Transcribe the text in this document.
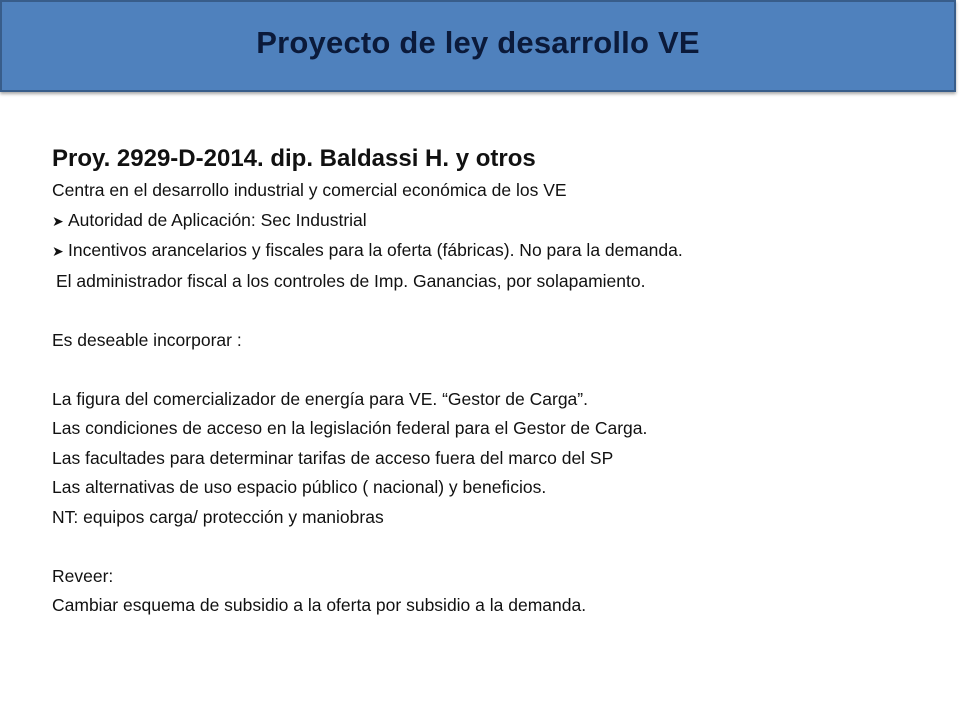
Proyecto de ley desarrollo VE
Proy. 2929-D-2014. dip. Baldassi H. y otros
Centra en el desarrollo industrial y comercial económica de los VE
➤ Autoridad de Aplicación: Sec Industrial
➤ Incentivos arancelarios y fiscales para la oferta (fábricas). No para la demanda.
El administrador fiscal a los controles de Imp. Ganancias, por solapamiento.
Es deseable incorporar :
La figura del comercializador de energía para VE. “Gestor de Carga”.
Las condiciones de acceso en la legislación federal para el Gestor de Carga.
Las facultades para determinar tarifas de acceso fuera del marco del SP
Las alternativas de uso espacio público ( nacional) y beneficios.
NT: equipos carga/ protección y maniobras
Reveer:
Cambiar esquema de subsidio a la oferta por subsidio a la demanda.
